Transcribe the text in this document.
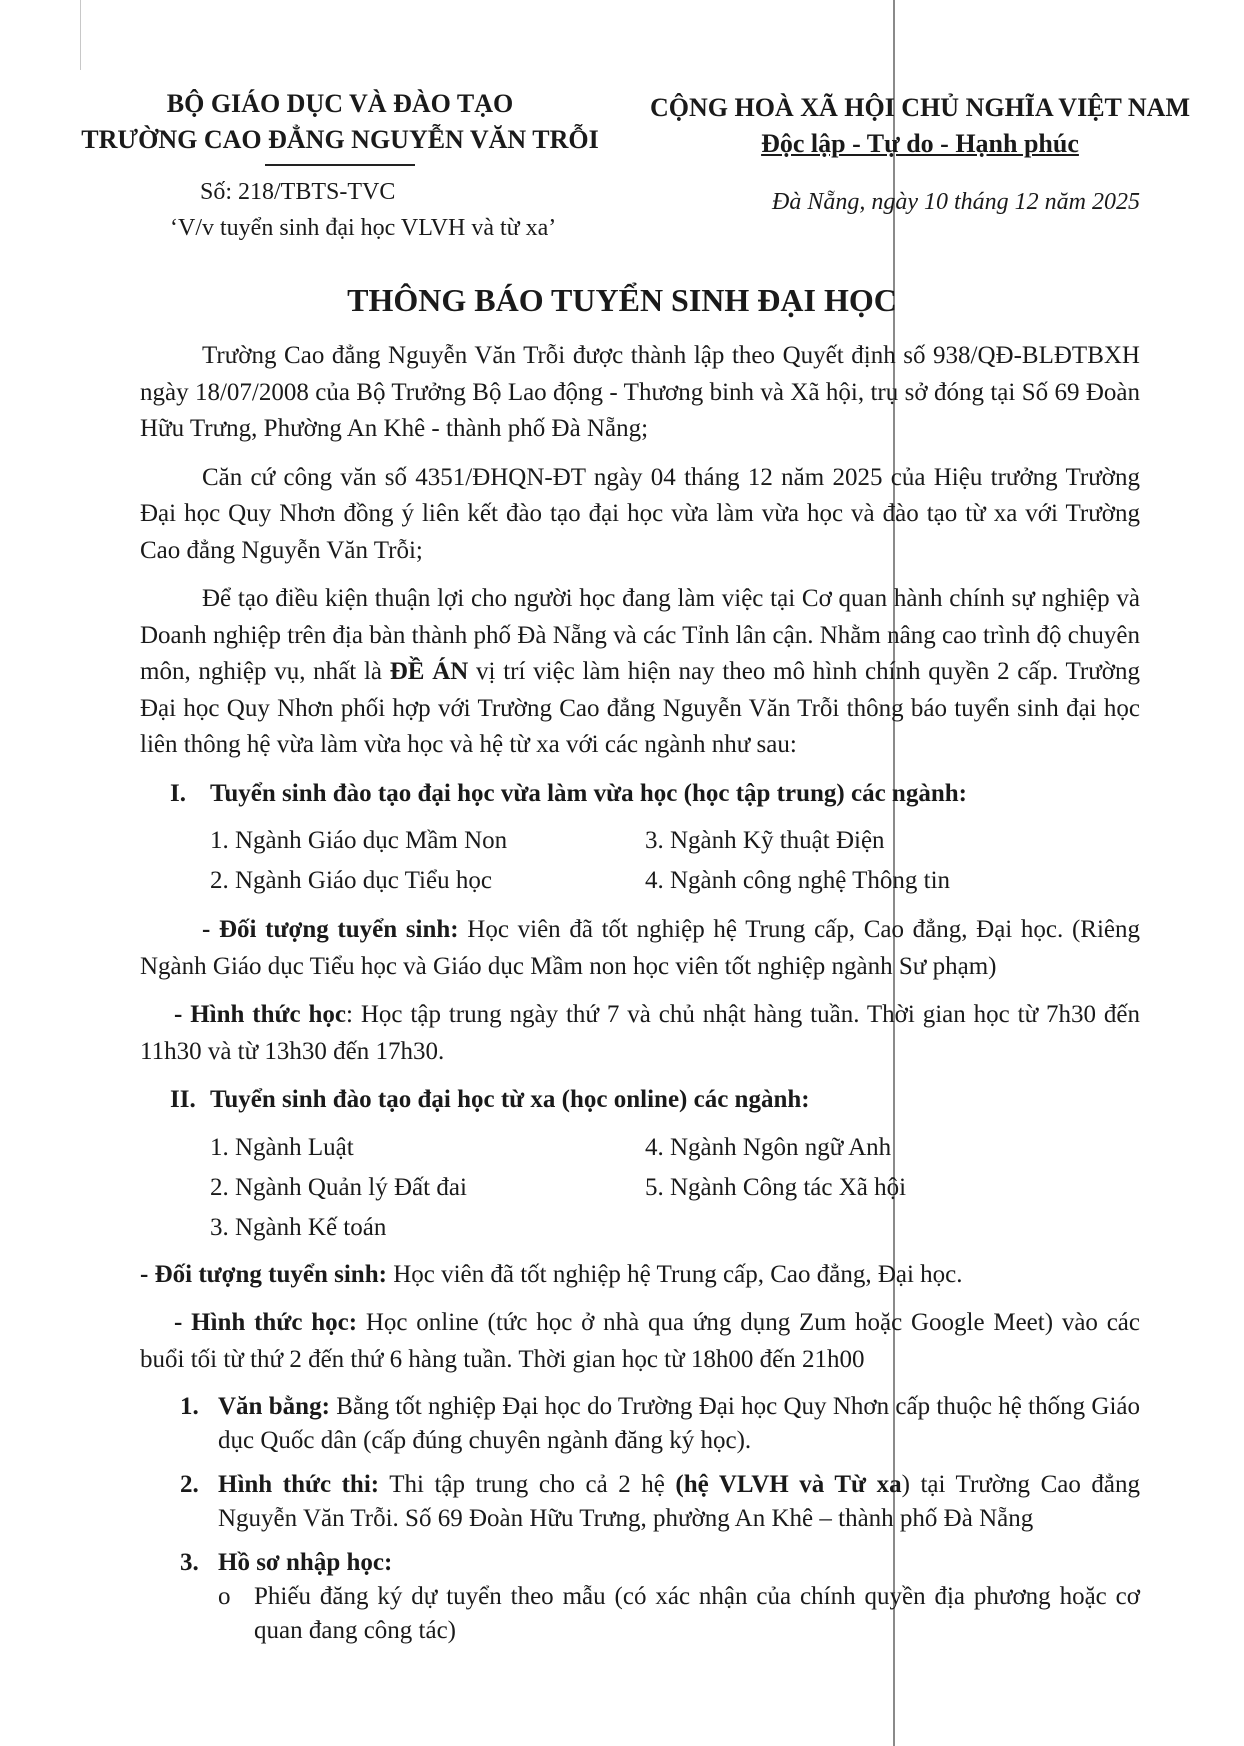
BỘ GIÁO DỤC VÀ ĐÀO TẠO
TRƯỜNG CAO ĐẲNG NGUYỄN VĂN TRỖI
CỘNG HOÀ XÃ HỘI CHỦ NGHĨA VIỆT NAM
Độc lập - Tự do - Hạnh phúc
Số: 218/TBTS-TVC
‘V/v tuyển sinh đại học VLVH và từ xa’
Đà Nẵng, ngày 10 tháng 12 năm 2025
THÔNG BÁO TUYỂN SINH ĐẠI HỌC

Trường Cao đẳng Nguyễn Văn Trỗi được thành lập theo Quyết định số 938/QĐ-BLĐTBXH ngày 18/07/2008 của Bộ Trưởng Bộ Lao động - Thương binh và Xã hội, trụ sở đóng tại Số 69 Đoàn Hữu Trưng, Phường An Khê - thành phố Đà Nẵng;

Căn cứ công văn số 4351/ĐHQN-ĐT ngày 04 tháng 12 năm 2025 của Hiệu trưởng Trường Đại học Quy Nhơn đồng ý liên kết đào tạo đại học vừa làm vừa học và đào tạo từ xa với Trường Cao đẳng Nguyễn Văn Trỗi;

Để tạo điều kiện thuận lợi cho người học đang làm việc tại Cơ quan hành chính sự nghiệp và Doanh nghiệp trên địa bàn thành phố Đà Nẵng và các Tỉnh lân cận. Nhằm nâng cao trình độ chuyên môn, nghiệp vụ, nhất là ĐỀ ÁN vị trí việc làm hiện nay theo mô hình chính quyền 2 cấp. Trường Đại học Quy Nhơn phối hợp với Trường Cao đẳng Nguyễn Văn Trỗi thông báo tuyển sinh đại học liên thông hệ vừa làm vừa học và hệ từ xa với các ngành như sau:

I. Tuyển sinh đào tạo đại học vừa làm vừa học (học tập trung) các ngành:
1. Ngành Giáo dục Mầm Non	3. Ngành Kỹ thuật Điện
2. Ngành Giáo dục Tiểu học	4. Ngành công nghệ Thông tin

- Đối tượng tuyển sinh: Học viên đã tốt nghiệp hệ Trung cấp, Cao đẳng, Đại học. (Riêng Ngành Giáo dục Tiểu học và Giáo dục Mầm non học viên tốt nghiệp ngành Sư phạm)

- Hình thức học: Học tập trung ngày thứ 7 và chủ nhật hàng tuần. Thời gian học từ 7h30 đến 11h30 và từ 13h30 đến 17h30.

II. Tuyển sinh đào tạo đại học từ xa (học online) các ngành:
1. Ngành Luật	4. Ngành Ngôn ngữ Anh
2. Ngành Quản lý Đất đai	5. Ngành Công tác Xã hội
3. Ngành Kế toán

- Đối tượng tuyển sinh: Học viên đã tốt nghiệp hệ Trung cấp, Cao đẳng, Đại học.

- Hình thức học: Học online (tức học ở nhà qua ứng dụng Zum hoặc Google Meet) vào các buổi tối từ thứ 2 đến thứ 6 hàng tuần. Thời gian học từ 18h00 đến 21h00

1. Văn bằng: Bằng tốt nghiệp Đại học do Trường Đại học Quy Nhơn cấp thuộc hệ thống Giáo dục Quốc dân (cấp đúng chuyên ngành đăng ký học).
2. Hình thức thi: Thi tập trung cho cả 2 hệ (hệ VLVH và Từ xa) tại Trường Cao đẳng Nguyễn Văn Trỗi. Số 69 Đoàn Hữu Trưng, phường An Khê – thành phố Đà Nẵng
3. Hồ sơ nhập học:
o Phiếu đăng ký dự tuyển theo mẫu (có xác nhận của chính quyền địa phương hoặc cơ quan đang công tác)
